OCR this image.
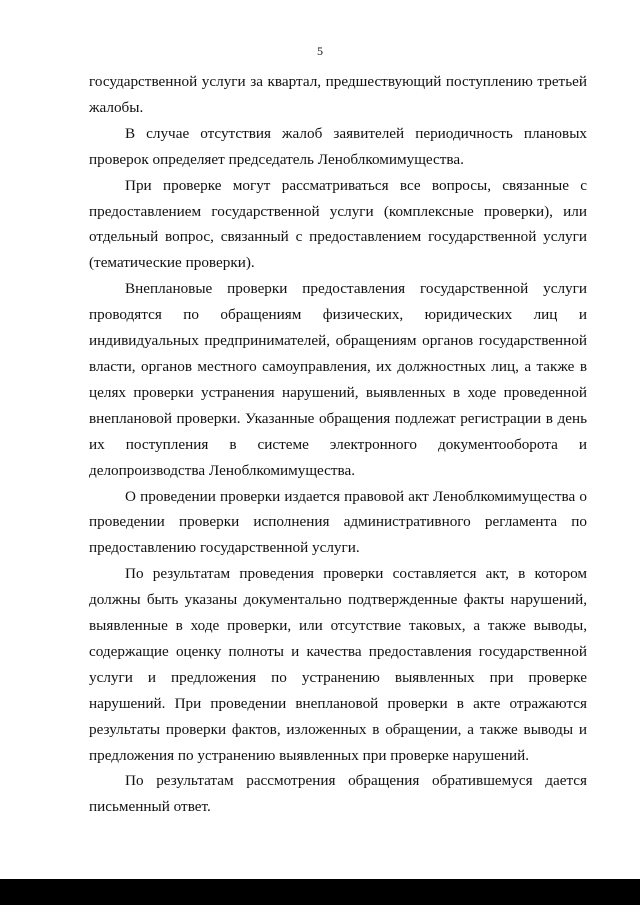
5

государственной услуги за квартал, предшествующий поступлению третьей жалобы.

В случае отсутствия жалоб заявителей периодичность плановых проверок определяет председатель Леноблкомимущества.

При проверке могут рассматриваться все вопросы, связанные с предоставлением государственной услуги (комплексные проверки), или отдельный вопрос, связанный с предоставлением государственной услуги (тематические проверки).

Внеплановые проверки предоставления государственной услуги проводятся по обращениям физических, юридических лиц и индивидуальных предпринимателей, обращениям органов государственной власти, органов местного самоуправления, их должностных лиц, а также в целях проверки устранения нарушений, выявленных в ходе проведенной внеплановой проверки. Указанные обращения подлежат регистрации в день их поступления в системе электронного документооборота и делопроизводства Леноблкомимущества.

О проведении проверки издается правовой акт Леноблкомимущества о проведении проверки исполнения административного регламента по предоставлению государственной услуги.

По результатам проведения проверки составляется акт, в котором должны быть указаны документально подтвержденные факты нарушений, выявленные в ходе проверки, или отсутствие таковых, а также выводы, содержащие оценку полноты и качества предоставления государственной услуги и предложения по устранению выявленных при проверке нарушений. При проведении внеплановой проверки в акте отражаются результаты проверки фактов, изложенных в обращении, а также выводы и предложения по устранению выявленных при проверке нарушений.

По результатам рассмотрения обращения обратившемуся дается письменный ответ.
